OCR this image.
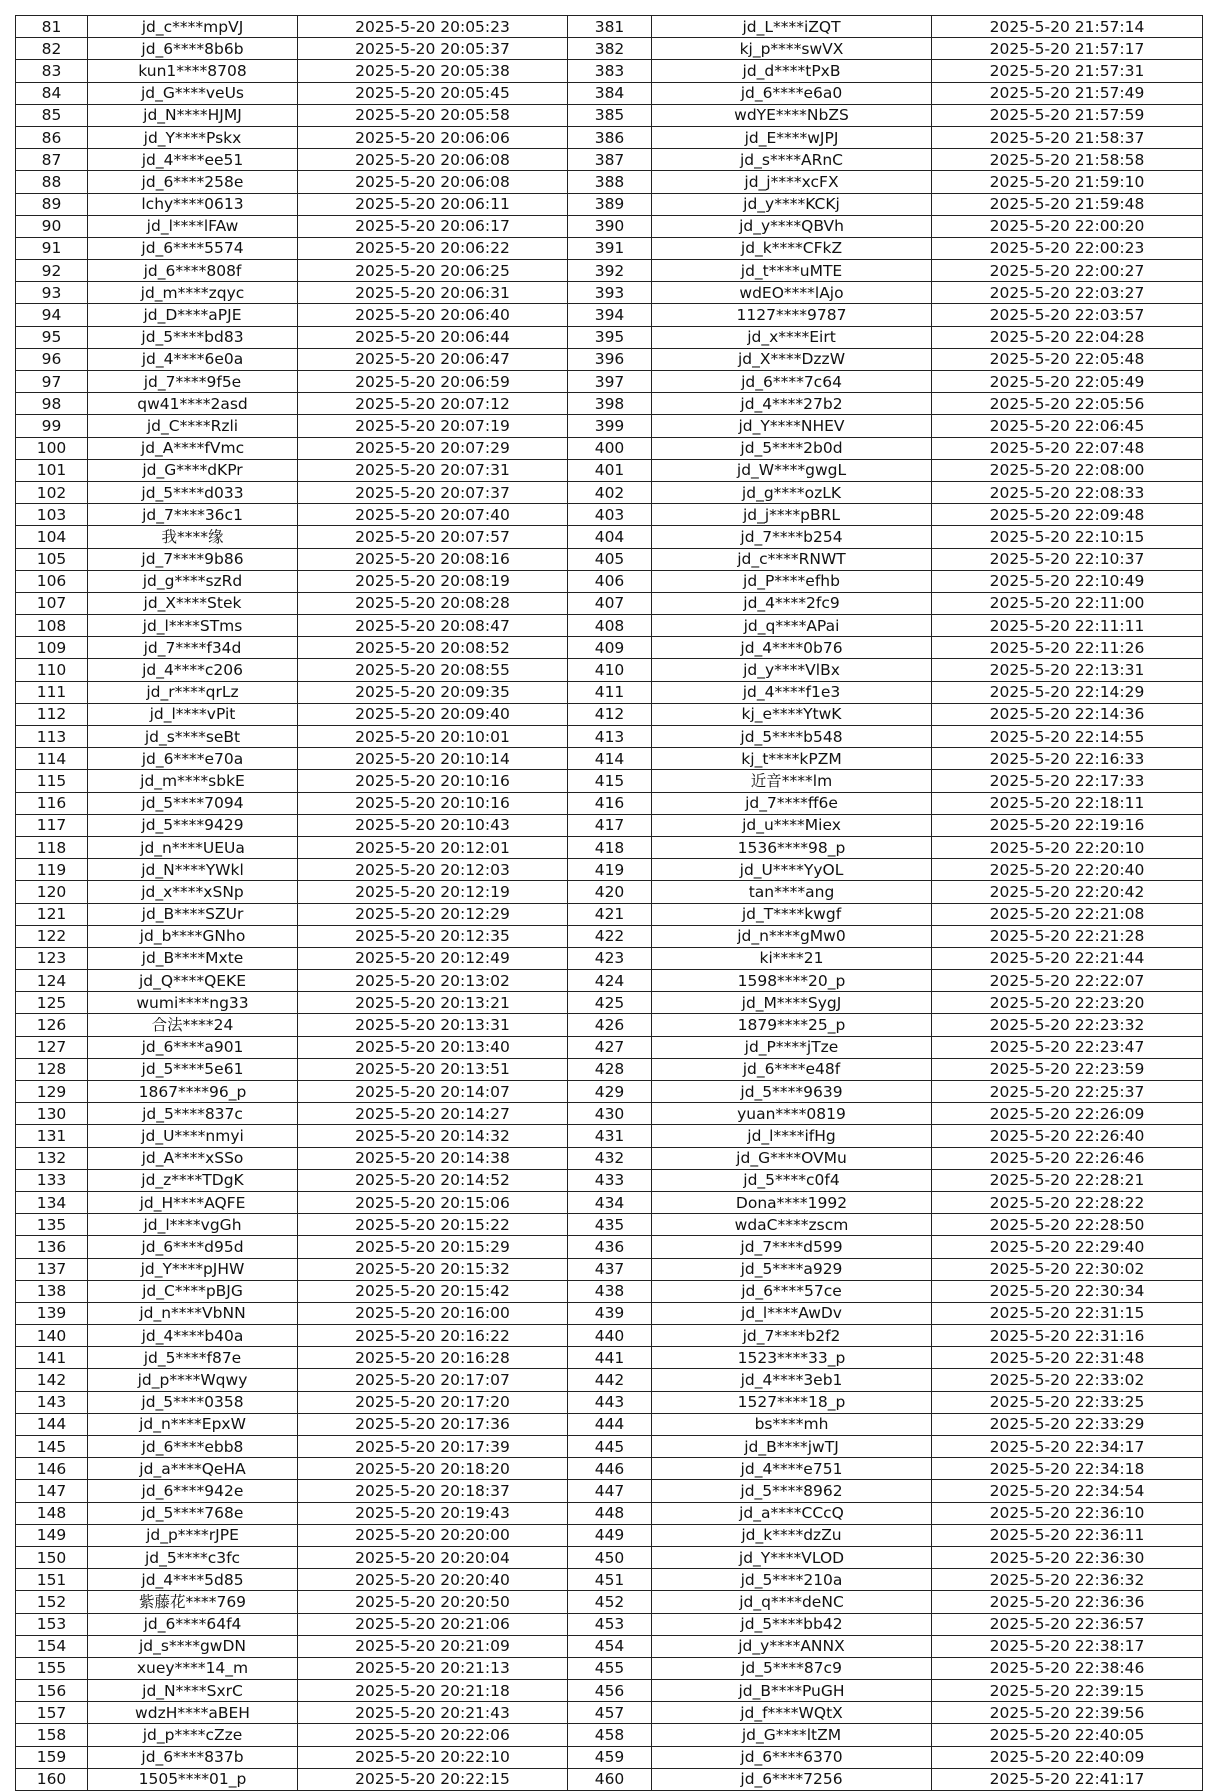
81	jd_c****mpVJ	2025-5-20 20:05:23	381	jd_L****iZQT	2025-5-20 21:57:14
82	jd_6****8b6b	2025-5-20 20:05:37	382	kj_p****swVX	2025-5-20 21:57:17
83	kun1****8708	2025-5-20 20:05:38	383	jd_d****tPxB	2025-5-20 21:57:31
84	jd_G****veUs	2025-5-20 20:05:45	384	jd_6****e6a0	2025-5-20 21:57:49
85	jd_N****HJMJ	2025-5-20 20:05:58	385	wdYE****NbZS	2025-5-20 21:57:59
86	jd_Y****Pskx	2025-5-20 20:06:06	386	jd_E****wJPJ	2025-5-20 21:58:37
87	jd_4****ee51	2025-5-20 20:06:08	387	jd_s****ARnC	2025-5-20 21:58:58
88	jd_6****258e	2025-5-20 20:06:08	388	jd_j****xcFX	2025-5-20 21:59:10
89	lchy****0613	2025-5-20 20:06:11	389	jd_y****KCKj	2025-5-20 21:59:48
90	jd_l****lFAw	2025-5-20 20:06:17	390	jd_y****QBVh	2025-5-20 22:00:20
91	jd_6****5574	2025-5-20 20:06:22	391	jd_k****CFkZ	2025-5-20 22:00:23
92	jd_6****808f	2025-5-20 20:06:25	392	jd_t****uMTE	2025-5-20 22:00:27
93	jd_m****zqyc	2025-5-20 20:06:31	393	wdEO****lAjo	2025-5-20 22:03:27
94	jd_D****aPJE	2025-5-20 20:06:40	394	1127****9787	2025-5-20 22:03:57
95	jd_5****bd83	2025-5-20 20:06:44	395	jd_x****Eirt	2025-5-20 22:04:28
96	jd_4****6e0a	2025-5-20 20:06:47	396	jd_X****DzzW	2025-5-20 22:05:48
97	jd_7****9f5e	2025-5-20 20:06:59	397	jd_6****7c64	2025-5-20 22:05:49
98	qw41****2asd	2025-5-20 20:07:12	398	jd_4****27b2	2025-5-20 22:05:56
99	jd_C****Rzli	2025-5-20 20:07:19	399	jd_Y****NHEV	2025-5-20 22:06:45
100	jd_A****fVmc	2025-5-20 20:07:29	400	jd_5****2b0d	2025-5-20 22:07:48
101	jd_G****dKPr	2025-5-20 20:07:31	401	jd_W****gwgL	2025-5-20 22:08:00
102	jd_5****d033	2025-5-20 20:07:37	402	jd_g****ozLK	2025-5-20 22:08:33
103	jd_7****36c1	2025-5-20 20:07:40	403	jd_j****pBRL	2025-5-20 22:09:48
104	我****缘	2025-5-20 20:07:57	404	jd_7****b254	2025-5-20 22:10:15
105	jd_7****9b86	2025-5-20 20:08:16	405	jd_c****RNWT	2025-5-20 22:10:37
106	jd_g****szRd	2025-5-20 20:08:19	406	jd_P****efhb	2025-5-20 22:10:49
107	jd_X****Stek	2025-5-20 20:08:28	407	jd_4****2fc9	2025-5-20 22:11:00
108	jd_l****STms	2025-5-20 20:08:47	408	jd_q****APai	2025-5-20 22:11:11
109	jd_7****f34d	2025-5-20 20:08:52	409	jd_4****0b76	2025-5-20 22:11:26
110	jd_4****c206	2025-5-20 20:08:55	410	jd_y****VlBx	2025-5-20 22:13:31
111	jd_r****qrLz	2025-5-20 20:09:35	411	jd_4****f1e3	2025-5-20 22:14:29
112	jd_l****vPit	2025-5-20 20:09:40	412	kj_e****YtwK	2025-5-20 22:14:36
113	jd_s****seBt	2025-5-20 20:10:01	413	jd_5****b548	2025-5-20 22:14:55
114	jd_6****e70a	2025-5-20 20:10:14	414	kj_t****kPZM	2025-5-20 22:16:33
115	jd_m****sbkE	2025-5-20 20:10:16	415	近音****lm	2025-5-20 22:17:33
116	jd_5****7094	2025-5-20 20:10:16	416	jd_7****ff6e	2025-5-20 22:18:11
117	jd_5****9429	2025-5-20 20:10:43	417	jd_u****Miex	2025-5-20 22:19:16
118	jd_n****UEUa	2025-5-20 20:12:01	418	1536****98_p	2025-5-20 22:20:10
119	jd_N****YWkl	2025-5-20 20:12:03	419	jd_U****YyOL	2025-5-20 22:20:40
120	jd_x****xSNp	2025-5-20 20:12:19	420	tan****ang	2025-5-20 22:20:42
121	jd_B****SZUr	2025-5-20 20:12:29	421	jd_T****kwgf	2025-5-20 22:21:08
122	jd_b****GNho	2025-5-20 20:12:35	422	jd_n****gMw0	2025-5-20 22:21:28
123	jd_B****Mxte	2025-5-20 20:12:49	423	ki****21	2025-5-20 22:21:44
124	jd_Q****QEKE	2025-5-20 20:13:02	424	1598****20_p	2025-5-20 22:22:07
125	wumi****ng33	2025-5-20 20:13:21	425	jd_M****SygJ	2025-5-20 22:23:20
126	合法****24	2025-5-20 20:13:31	426	1879****25_p	2025-5-20 22:23:32
127	jd_6****a901	2025-5-20 20:13:40	427	jd_P****jTze	2025-5-20 22:23:47
128	jd_5****5e61	2025-5-20 20:13:51	428	jd_6****e48f	2025-5-20 22:23:59
129	1867****96_p	2025-5-20 20:14:07	429	jd_5****9639	2025-5-20 22:25:37
130	jd_5****837c	2025-5-20 20:14:27	430	yuan****0819	2025-5-20 22:26:09
131	jd_U****nmyi	2025-5-20 20:14:32	431	jd_l****ifHg	2025-5-20 22:26:40
132	jd_A****xSSo	2025-5-20 20:14:38	432	jd_G****OVMu	2025-5-20 22:26:46
133	jd_z****TDgK	2025-5-20 20:14:52	433	jd_5****c0f4	2025-5-20 22:28:21
134	jd_H****AQFE	2025-5-20 20:15:06	434	Dona****1992	2025-5-20 22:28:22
135	jd_l****vgGh	2025-5-20 20:15:22	435	wdaC****zscm	2025-5-20 22:28:50
136	jd_6****d95d	2025-5-20 20:15:29	436	jd_7****d599	2025-5-20 22:29:40
137	jd_Y****pJHW	2025-5-20 20:15:32	437	jd_5****a929	2025-5-20 22:30:02
138	jd_C****pBJG	2025-5-20 20:15:42	438	jd_6****57ce	2025-5-20 22:30:34
139	jd_n****VbNN	2025-5-20 20:16:00	439	jd_l****AwDv	2025-5-20 22:31:15
140	jd_4****b40a	2025-5-20 20:16:22	440	jd_7****b2f2	2025-5-20 22:31:16
141	jd_5****f87e	2025-5-20 20:16:28	441	1523****33_p	2025-5-20 22:31:48
142	jd_p****Wqwy	2025-5-20 20:17:07	442	jd_4****3eb1	2025-5-20 22:33:02
143	jd_5****0358	2025-5-20 20:17:20	443	1527****18_p	2025-5-20 22:33:25
144	jd_n****EpxW	2025-5-20 20:17:36	444	bs****mh	2025-5-20 22:33:29
145	jd_6****ebb8	2025-5-20 20:17:39	445	jd_B****jwTJ	2025-5-20 22:34:17
146	jd_a****QeHA	2025-5-20 20:18:20	446	jd_4****e751	2025-5-20 22:34:18
147	jd_6****942e	2025-5-20 20:18:37	447	jd_5****8962	2025-5-20 22:34:54
148	jd_5****768e	2025-5-20 20:19:43	448	jd_a****CCcQ	2025-5-20 22:36:10
149	jd_p****rJPE	2025-5-20 20:20:00	449	jd_k****dzZu	2025-5-20 22:36:11
150	jd_5****c3fc	2025-5-20 20:20:04	450	jd_Y****VLOD	2025-5-20 22:36:30
151	jd_4****5d85	2025-5-20 20:20:40	451	jd_5****210a	2025-5-20 22:36:32
152	紫藤花****769	2025-5-20 20:20:50	452	jd_q****deNC	2025-5-20 22:36:36
153	jd_6****64f4	2025-5-20 20:21:06	453	jd_5****bb42	2025-5-20 22:36:57
154	jd_s****gwDN	2025-5-20 20:21:09	454	jd_y****ANNX	2025-5-20 22:38:17
155	xuey****14_m	2025-5-20 20:21:13	455	jd_5****87c9	2025-5-20 22:38:46
156	jd_N****SxrC	2025-5-20 20:21:18	456	jd_B****PuGH	2025-5-20 22:39:15
157	wdzH****aBEH	2025-5-20 20:21:43	457	jd_f****WQtX	2025-5-20 22:39:56
158	jd_p****cZze	2025-5-20 20:22:06	458	jd_G****ltZM	2025-5-20 22:40:05
159	jd_6****837b	2025-5-20 20:22:10	459	jd_6****6370	2025-5-20 22:40:09
160	1505****01_p	2025-5-20 20:22:15	460	jd_6****7256	2025-5-20 22:41:17
